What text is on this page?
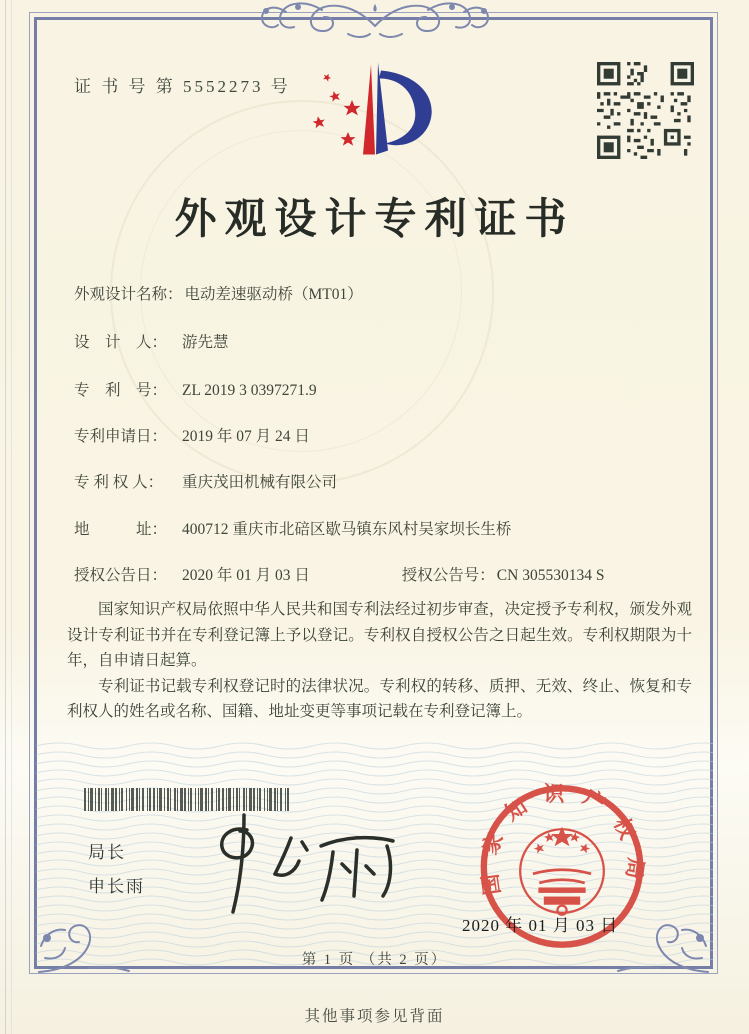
证 书 号 第 5552273 号
外观设计专利证书
外观设计名称： 电动差速驱动桥（MT01）
设　计　人： 游先慧
专　利　号： ZL 2019 3 0397271.9
专利申请日： 2019 年 07 月 24 日
专 利 权 人： 重庆茂田机械有限公司
地　　　址： 400712 重庆市北碚区歇马镇东风村吴家坝长生桥
授权公告日： 2020 年 01 月 03 日	授权公告号： CN 305530134 S

国家知识产权局依照中华人民共和国专利法经过初步审查，决定授予专利权，颁发外观设计专利证书并在专利登记簿上予以登记。专利权自授权公告之日起生效。专利权期限为十年，自申请日起算。

专利证书记载专利权登记时的法律状况。专利权的转移、质押、无效、终止、恢复和专利权人的姓名或名称、国籍、地址变更等事项记载在专利登记簿上。

局长
申长雨	国家知识产权局
2020 年 01 月 03 日
第 1 页 （共 2 页）
其他事项参见背面
